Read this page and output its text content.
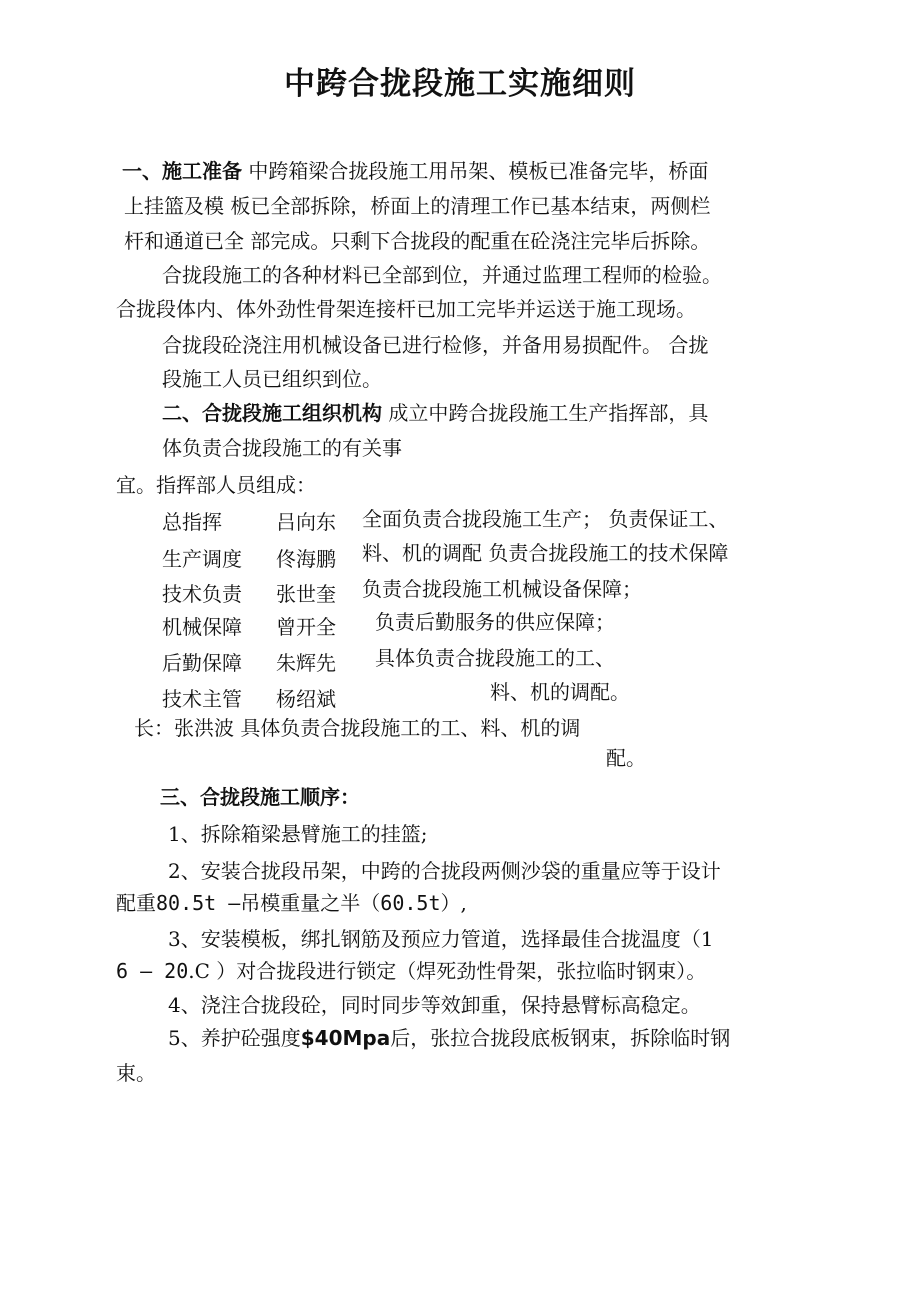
中跨合拢段施工实施细则
一、施工准备 中跨箱梁合拢段施工用吊架、模板已准备完毕，桥面
上挂篮及模 板已全部拆除，桥面上的清理工作已基本结束，两侧栏
杆和通道已全 部完成。只剩下合拢段的配重在砼浇注完毕后拆除。
合拢段施工的各种材料已全部到位，并通过监理工程师的检验。
合拢段体内、体外劲性骨架连接杆已加工完毕并运送于施工现场。
合拢段砼浇注用机械设备已进行检修，并备用易损配件。 合拢
段施工人员已组织到位。
二、合拢段施工组织机构 成立中跨合拢段施工生产指挥部，具
体负责合拢段施工的有关事
宜。指挥部人员组成：
总指挥	吕向东
生产调度 佟海鹏
技术负责 张世奎
机械保障 曾开全
后勤保障 朱辉先
技术主管 杨绍斌
全面负责合拢段施工生产； 负责保证工、
料、机的调配 负责合拢段施工的技术保障
负责合拢段施工机械设备保障；
负责后勤服务的供应保障；
具体负责合拢段施工的工、
料、机的调配。
长：张洪波 具体负责合拢段施工的工、料、机的调
配。
三、合拢段施工顺序：
1、拆除箱梁悬臂施工的挂篮;
2、安装合拢段吊架，中跨的合拢段两侧沙袋的重量应等于设计
配重80.5t —吊模重量之半（60.5t）,
3、安装模板，绑扎钢筋及预应力管道，选择最佳合拢温度（1
6 — 20.C ）对合拢段进行锁定（焊死劲性骨架，张拉临时钢束）。
4、浇注合拢段砼，同时同步等效卸重，保持悬臂标高稳定。
5、养护砼强度$40Mpa后，张拉合拢段底板钢束，拆除临时钢
束。
